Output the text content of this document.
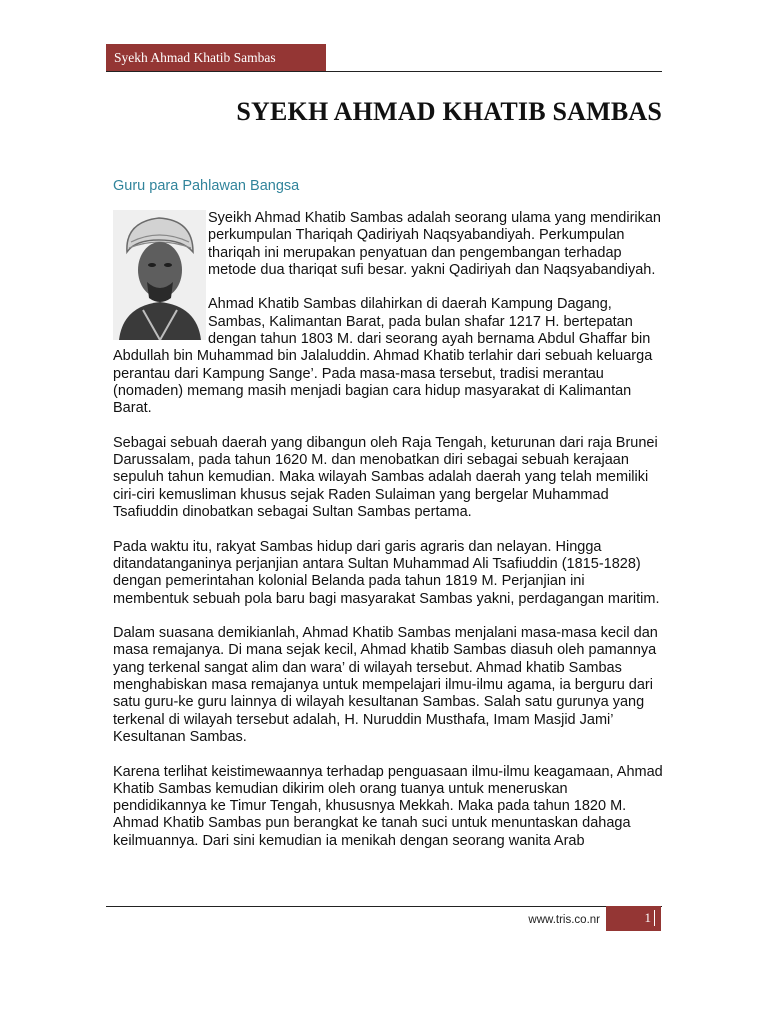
Syekh Ahmad Khatib Sambas
SYEKH AHMAD KHATIB SAMBAS

Guru para Pahlawan Bangsa

Syeikh Ahmad Khatib Sambas adalah seorang ulama yang mendirikan perkumpulan Thariqah Qadiriyah Naqsyabandiyah. Perkumpulan thariqah ini merupakan penyatuan dan pengembangan terhadap metode dua thariqat sufi besar. yakni Qadiriyah dan Naqsyabandiyah.

Ahmad Khatib Sambas dilahirkan di daerah Kampung Dagang, Sambas, Kalimantan Barat, pada bulan shafar 1217 H. bertepatan dengan tahun 1803 M. dari seorang ayah bernama Abdul Ghaffar bin Abdullah bin Muhammad bin Jalaluddin. Ahmad Khatib terlahir dari sebuah keluarga perantau dari Kampung Sange’. Pada masa-masa tersebut, tradisi merantau (nomaden) memang masih menjadi bagian cara hidup masyarakat di Kalimantan Barat.

Sebagai sebuah daerah yang dibangun oleh Raja Tengah, keturunan dari raja Brunei Darussalam, pada tahun 1620 M. dan menobatkan diri sebagai sebuah kerajaan sepuluh tahun kemudian. Maka wilayah Sambas adalah daerah yang telah memiliki ciri-ciri kemusliman khusus sejak Raden Sulaiman yang bergelar Muhammad Tsafiuddin dinobatkan sebagai Sultan Sambas pertama.

Pada waktu itu, rakyat Sambas hidup dari garis agraris dan nelayan. Hingga ditandatanganinya perjanjian antara Sultan Muhammad Ali Tsafiuddin (1815-1828) dengan pemerintahan kolonial Belanda pada tahun 1819 M. Perjanjian ini membentuk sebuah pola baru bagi masyarakat Sambas yakni, perdagangan maritim.

Dalam suasana demikianlah, Ahmad Khatib Sambas menjalani masa-masa kecil dan masa remajanya. Di mana sejak kecil, Ahmad khatib Sambas diasuh oleh pamannya yang terkenal sangat alim dan wara’ di wilayah tersebut. Ahmad khatib Sambas menghabiskan masa remajanya untuk mempelajari ilmu-ilmu agama, ia berguru dari satu guru-ke guru lainnya di wilayah kesultanan Sambas. Salah satu gurunya yang terkenal di wilayah tersebut adalah, H. Nuruddin Musthafa, Imam Masjid Jami’ Kesultanan Sambas.

Karena terlihat keistimewaannya terhadap penguasaan ilmu-ilmu keagamaan, Ahmad Khatib Sambas kemudian dikirim oleh orang tuanya untuk meneruskan pendidikannya ke Timur Tengah, khususnya Mekkah. Maka pada tahun 1820 M. Ahmad Khatib Sambas pun berangkat ke tanah suci untuk menuntaskan dahaga keilmuannya. Dari sini kemudian ia menikah dengan seorang wanita Arab

www.tris.co.nr	1
